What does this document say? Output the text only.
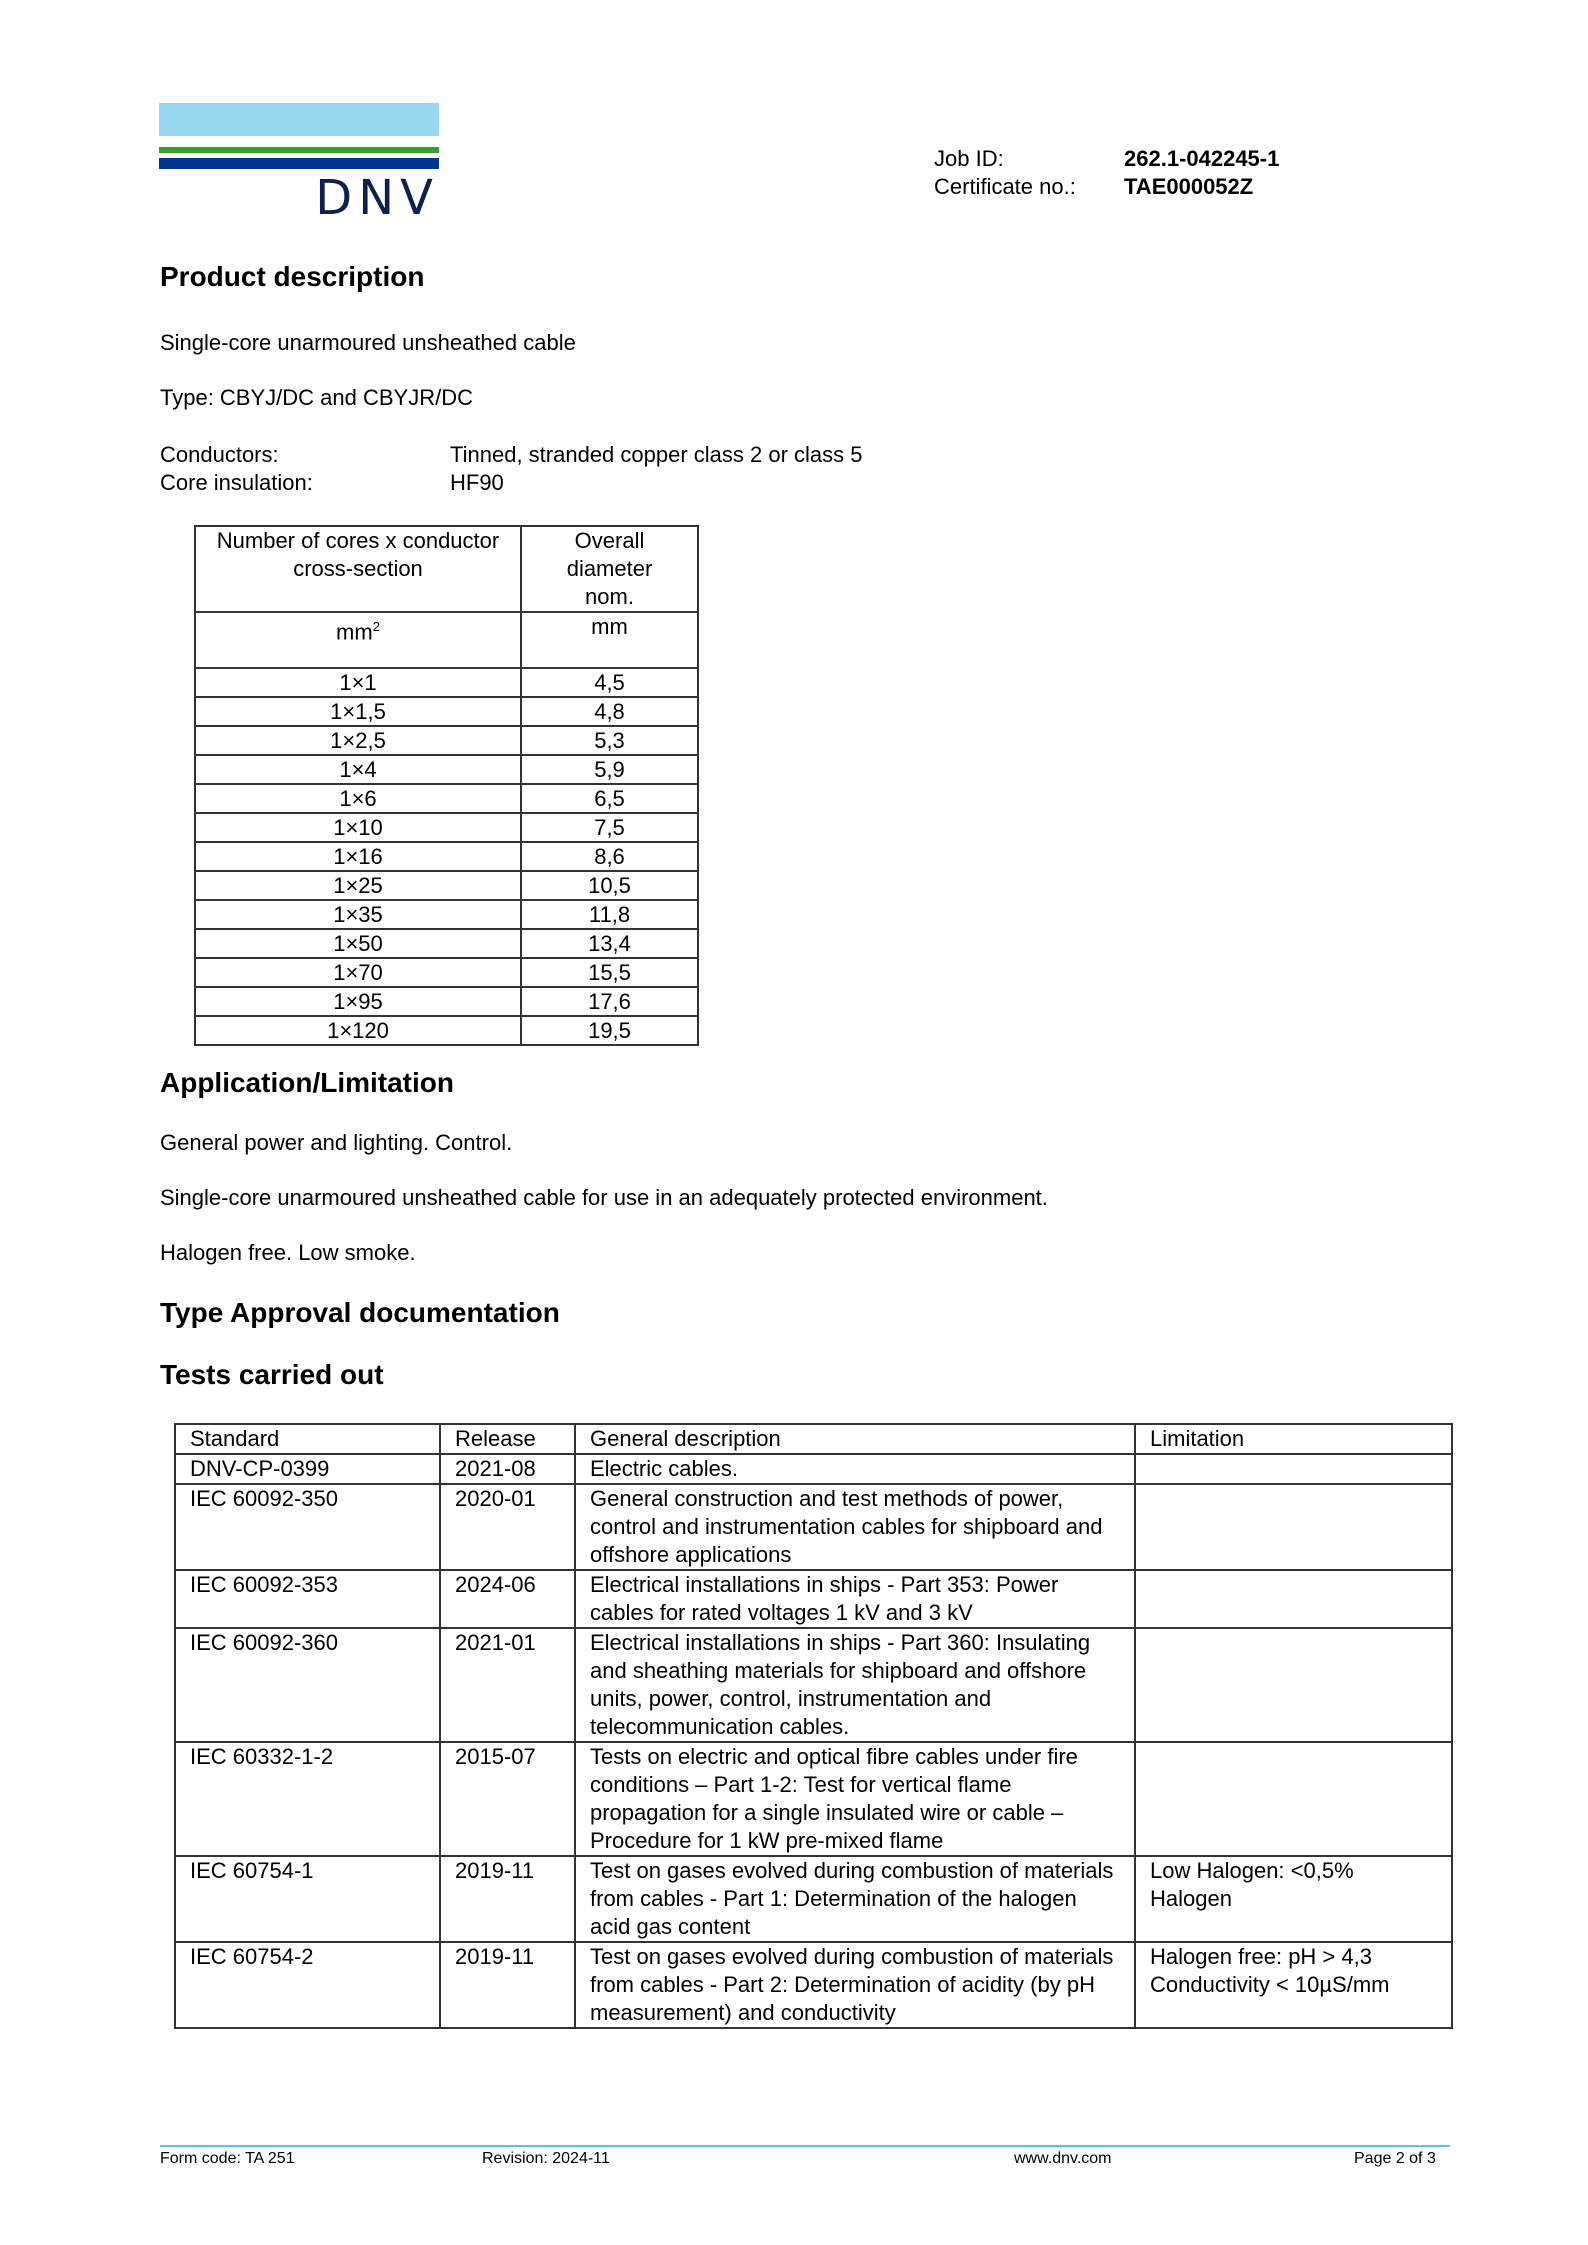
DNV
Job ID:	262.1-042245-1
Certificate no.:	TAE000052Z
Product description

Single-core unarmoured unsheathed cable

Type: CBYJ/DC and CBYJR/DC

Conductors:	Tinned, stranded copper class 2 or class 5
Core insulation:	HF90
Number of cores x conductor cross-section	Overall diameter nom.
$mm^2$	mm
1×1	4,5
1×1,5	4,8
1×2,5	5,3
1×4	5,9
1×6	6,5
1×10	7,5
1×16	8,6
1×25	10,5
1×35	11,8
1×50	13,4
1×70	15,5
1×95	17,6
1×120	19,5
Application/Limitation

General power and lighting. Control.

Single-core unarmoured unsheathed cable for use in an adequately protected environment.

Halogen free. Low smoke.

Type Approval documentation
Tests carried out
Standard	Release	General description	Limitation
DNV-CP-0399	2021-08	Electric cables.	
IEC 60092-350	2020-01	General construction and test methods of power, control and instrumentation cables for shipboard and offshore applications	
IEC 60092-353	2024-06	Electrical installations in ships - Part 353: Power cables for rated voltages 1 kV and 3 kV	
IEC 60092-360	2021-01	Electrical installations in ships - Part 360: Insulating and sheathing materials for shipboard and offshore units, power, control, instrumentation and telecommunication cables.	
IEC 60332-1-2	2015-07	Tests on electric and optical fibre cables under fire conditions – Part 1-2: Test for vertical flame propagation for a single insulated wire or cable –Procedure for 1 kW pre-mixed flame	
IEC 60754-1	2019-11	Test on gases evolved during combustion of materials from cables - Part 1: Determination of the halogen acid gas content	Low Halogen: <0,5% Halogen
IEC 60754-2	2019-11	Test on gases evolved during combustion of materials from cables - Part 2: Determination of acidity (by pH measurement) and conductivity	Halogen free: pH > 4,3 Conductivity < 10µS/mm
Form code: TA 251	Revision: 2024-11	www.dnv.com	Page 2 of 3
